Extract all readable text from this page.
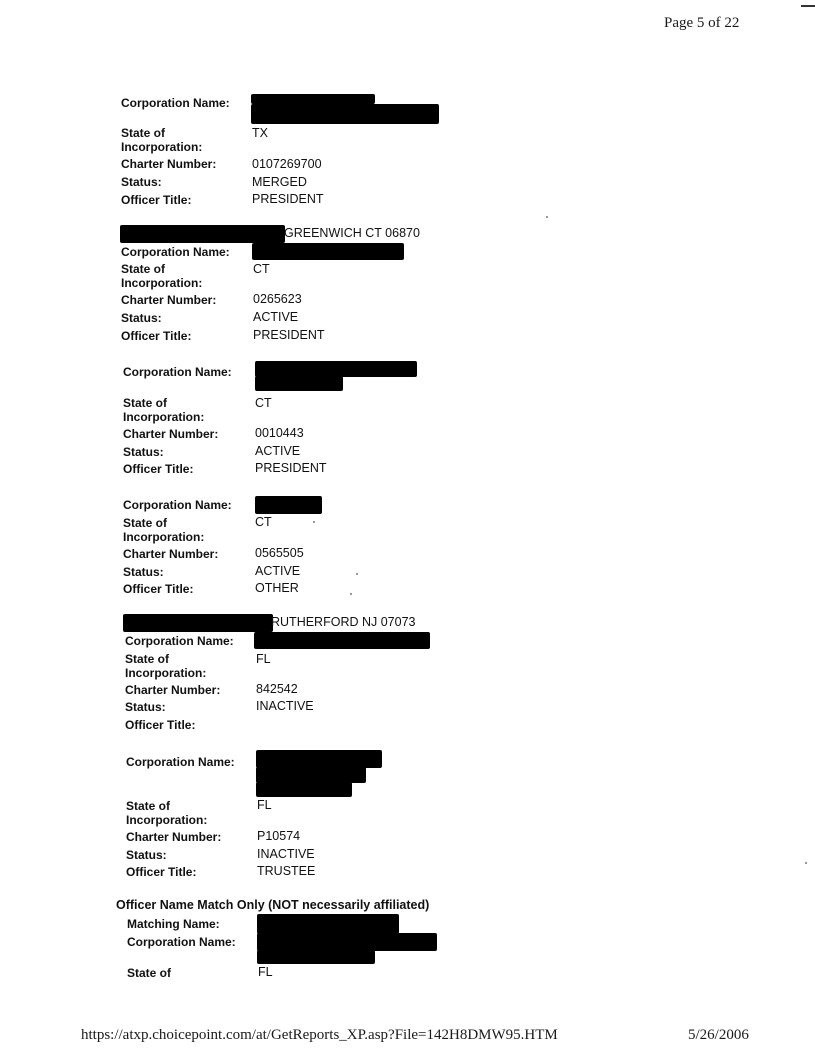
Page 5 of 22
Corporation Name:
State of
Incorporation:
TX
Charter Number:	0107269700
Status:	MERGED
Officer Title:	PRESIDENT
GREENWICH CT 06870
Corporation Name:
State of
Incorporation:
CT
Charter Number:	0265623
Status:	ACTIVE
Officer Title:	PRESIDENT
Corporation Name:
State of
Incorporation:
CT
Charter Number:	0010443
Status:	ACTIVE
Officer Title:	PRESIDENT
Corporation Name:
State of
Incorporation:
CT
Charter Number:	0565505
Status:	ACTIVE
Officer Title:	OTHER
RUTHERFORD NJ 07073
Corporation Name:
State of
Incorporation:
FL
Charter Number:	842542
Status:	INACTIVE
Officer Title:
Corporation Name:
State of
Incorporation:
FL
Charter Number:	P10574
Status:	INACTIVE
Officer Title:	TRUSTEE
Officer Name Match Only (NOT necessarily affiliated)
Matching Name:
Corporation Name:
State of	FL
https://atxp.choicepoint.com/at/GetReports_XP.asp?File=142H8DMW95.HTM	5/26/2006
